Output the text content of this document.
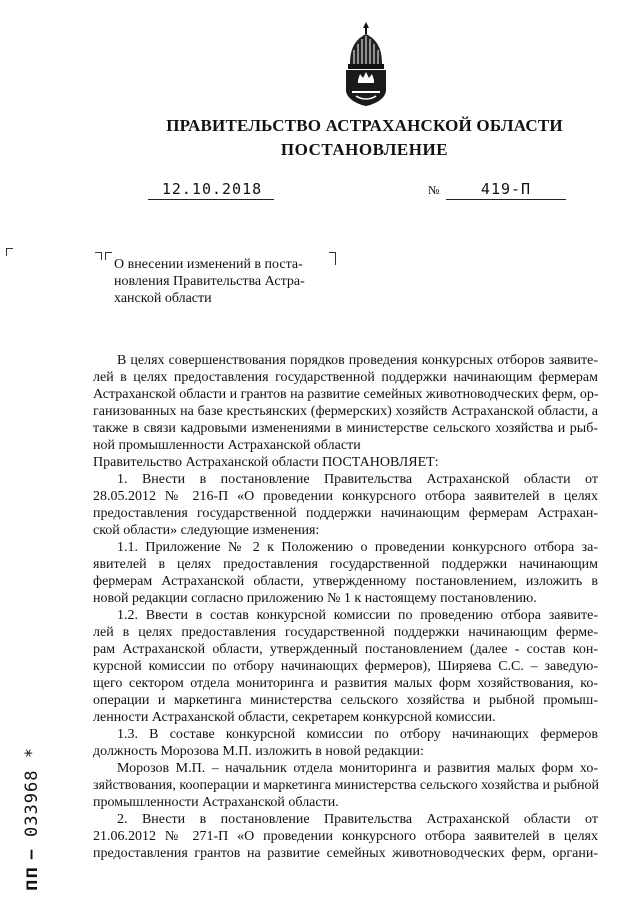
ПРАВИТЕЛЬСТВО АСТРАХАНСКОЙ ОБЛАСТИ
ПОСТАНОВЛЕНИЕ
12.10.2018	№	419-П
О внесении изменений в поста-
новления Правительства Астра-
ханской области
В целях совершенствования порядков проведения конкурсных отборов заявите-
лей в целях предоставления государственной поддержки начинающим фермерам
Астраханской области и грантов на развитие семейных животноводческих ферм, ор-
ганизованных на базе крестьянских (фермерских) хозяйств Астраханской области, а
также в связи кадровыми изменениями в министерстве сельского хозяйства и рыб-
ной промышленности Астраханской области
Правительство Астраханской области ПОСТАНОВЛЯЕТ:
1. Внести в постановление Правительства Астраханской области от
28.05.2012 № 216-П «О проведении конкурсного отбора заявителей в целях
предоставления государственной поддержки начинающим фермерам Астрахан-
ской области» следующие изменения:
1.1. Приложение № 2 к Положению о проведении конкурсного отбора за-
явителей в целях предоставления государственной поддержки начинающим
фермерам Астраханской области, утвержденному постановлением, изложить в
новой редакции согласно приложению № 1 к настоящему постановлению.
1.2. Ввести в состав конкурсной комиссии по проведению отбора заявите-
лей в целях предоставления государственной поддержки начинающим ферме-
рам Астраханской области, утвержденный постановлением (далее - состав кон-
курсной комиссии по отбору начинающих фермеров), Ширяева С.С. – заведую-
щего сектором отдела мониторинга и развития малых форм хозяйствования, ко-
операции и маркетинга министерства сельского хозяйства и рыбной промыш-
ленности Астраханской области, секретарем конкурсной комиссии.
1.3. В составе конкурсной комиссии по отбору начинающих фермеров
должность Морозова М.П. изложить в новой редакции:
Морозов М.П. – начальник отдела мониторинга и развития малых форм хо-
зяйствования, кооперации и маркетинга министерства сельского хозяйства и рыбной
промышленности Астраханской области.
2. Внести в постановление Правительства Астраханской области от
21.06.2012 № 271-П «О проведении конкурсного отбора заявителей в целях
предоставления грантов на развитие семейных животноводческих ферм, органи-
пп – 033968 *
